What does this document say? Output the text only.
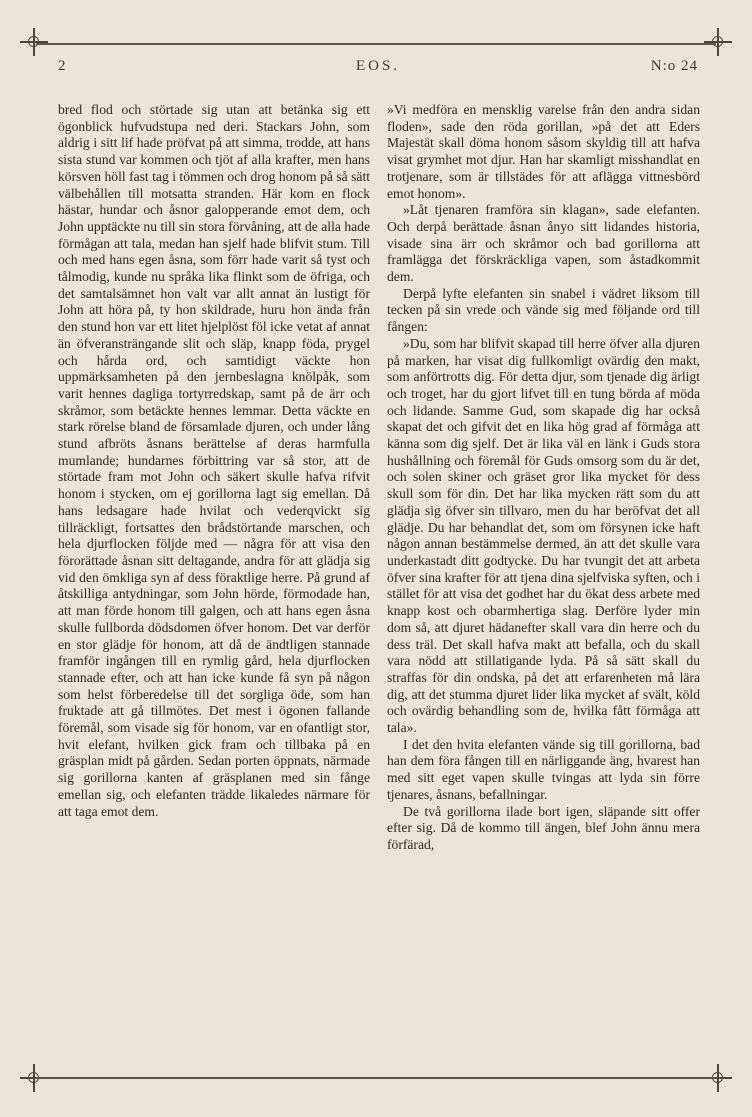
2	EOS.	N:o 24

bred flod och störtade sig utan att betänka sig ett ögonblick hufvudstupa ned deri. Stackars John, som aldrig i sitt lif hade pröfvat på att simma, trodde, att hans sista stund var kommen och tjöt af alla krafter, men hans körsven höll fast tag i tömmen och drog honom på så sätt välbehållen till motsatta stranden. Här kom en flock hästar, hundar och åsnor galopperande emot dem, och John upptäckte nu till sin stora förvåning, att de alla hade förmågan att tala, medan han sjelf hade blifvit stum. Till och med hans egen åsna, som förr hade varit så tyst och tålmodig, kunde nu språka lika flinkt som de öfriga, och det samtalsämnet hon valt var allt annat än lustigt för John att höra på, ty hon skildrade, huru hon ända från den stund hon var ett litet hjelplöst föl icke vetat af annat än öfveransträngande slit och släp, knapp föda, prygel och hårda ord, och samtidigt väckte hon uppmärksamheten på den jernbeslagna knölpåk, som varit hennes dagliga tortyrredskap, samt på de ärr och skråmor, som betäckte hennes lemmar. Detta väckte en stark rörelse bland de församlade djuren, och under lång stund afbröts åsnans berättelse af deras harmfulla mumlande; hundarnes förbittring var så stor, att de störtade fram mot John och säkert skulle hafva rifvit honom i stycken, om ej gorillorna lagt sig emellan. Då hans ledsagare hade hvilat och vederqvickt sig tillräckligt, fortsattes den brådstörtande marschen, och hela djurflocken följde med — några för att visa den förorättade åsnan sitt deltagande, andra för att glädja sig vid den ömkliga syn af dess föraktlige herre. På grund af åtskilliga antydningar, som John hörde, förmodade han, att man förde honom till galgen, och att hans egen åsna skulle fullborda dödsdomen öfver honom. Det var derför en stor glädje för honom, att då de ändtligen stannade framför ingången till en rymlig gård, hela djurflocken stannade efter, och att han icke kunde få syn på någon som helst förberedelse till det sorgliga öde, som han fruktade att gå tillmötes. Det mest i ögonen fallande föremål, som visade sig för honom, var en ofantligt stor, hvit elefant, hvilken gick fram och tillbaka på en gräsplan midt på gården. Sedan porten öppnats, närmade sig gorillorna kanten af gräsplanen med sin fånge emellan sig, och elefanten trädde likaledes närmare för att taga emot dem.

»Vi medföra en mensklig varelse från den andra sidan floden», sade den röda gorillan, »på det att Eders Majestät skall döma honom såsom skyldig till att hafva visat grymhet mot djur. Han har skamligt misshandlat en trotjenare, som är tillstädes för att aflägga vittnesbörd emot honom».

»Låt tjenaren framföra sin klagan», sade elefanten. Och derpå berättade åsnan ånyo sitt lidandes historia, visade sina ärr och skråmor och bad gorillorna att framlägga det förskräckliga vapen, som åstadkommit dem.

Derpå lyfte elefanten sin snabel i vädret liksom till tecken på sin vrede och vände sig med följande ord till fången:

»Du, som har blifvit skapad till herre öfver alla djuren på marken, har visat dig fullkomligt ovärdig den makt, som anförtrotts dig. För detta djur, som tjenade dig ärligt och troget, har du gjort lifvet till en tung börda af möda och lidande. Samme Gud, som skapade dig har också skapat det och gifvit det en lika hög grad af förmåga att känna som dig sjelf. Det är lika väl en länk i Guds stora hushållning och föremål för Guds omsorg som du är det, och solen skiner och gräset gror lika mycket för dess skull som för din. Det har lika mycken rätt som du att glädja sig öfver sin tillvaro, men du har beröfvat det all glädje. Du har behandlat det, som om försynen icke haft någon annan bestämmelse dermed, än att det skulle vara underkastadt ditt godtycke. Du har tvungit det att arbeta öfver sina krafter för att tjena dina sjelfviska syften, och i stället för att visa det godhet har du ökat dess arbete med knapp kost och obarmhertiga slag. Derföre lyder min dom så, att djuret hädanefter skall vara din herre och du dess träl. Det skall hafva makt att befalla, och du skall vara nödd att stillatigande lyda. På så sätt skall du straffas för din ondska, på det att erfarenheten må lära dig, att det stumma djuret lider lika mycket af svält, köld och ovärdig behandling som de, hvilka fått förmåga att tala».

I det den hvita elefanten vände sig till gorillorna, bad han dem föra fången till en närliggande äng, hvarest han med sitt eget vapen skulle tvingas att lyda sin förre tjenares, åsnans, befallningar.

De två gorillorna ilade bort igen, släpande sitt offer efter sig. Då de kommo till ängen, blef John ännu mera förfärad,
